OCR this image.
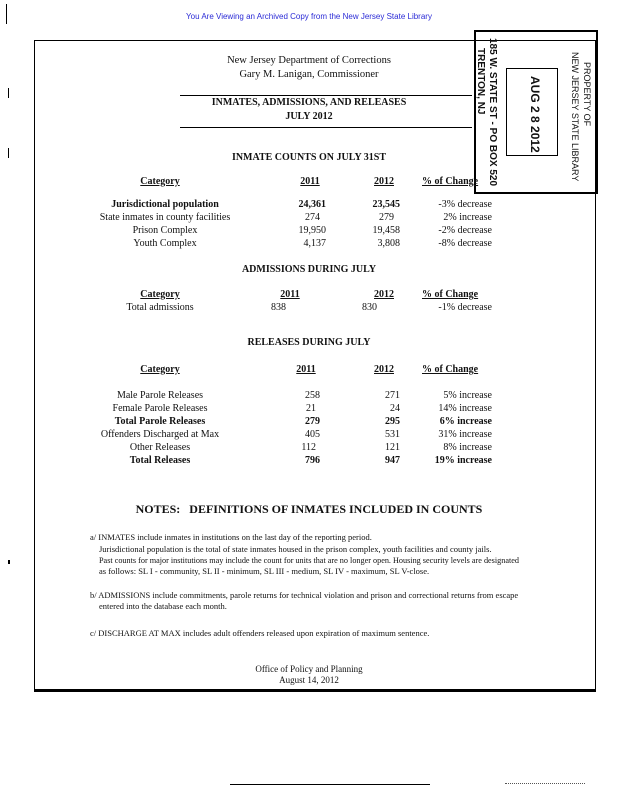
You Are Viewing an Archived Copy from the New Jersey State Library
185 W. STATE ST - PO BOX 520
TRENTON, NJ	AUG 2 8 2012	PROPERTY OF
NEW JERSEY STATE LIBRARY
New Jersey Department of Corrections
Gary M. Lanigan, Commissioner
INMATES, ADMISSIONS, AND RELEASES
JULY 2012
INMATE COUNTS ON JULY 31ST
Category	2011	2012	% of Change
Jurisdictional population	24,361	23,545	-3% decrease
State inmates in county facilities	274	279	2% increase
Prison Complex	19,950	19,458	-2% decrease
Youth Complex	4,137	3,808	-8% decrease
ADMISSIONS DURING JULY
Category	2011	2012	% of Change
Total admissions	838	830	-1% decrease
RELEASES DURING JULY
Category	2011	2012	% of Change
Male Parole Releases	258	271	5% increase
Female Parole Releases	21	24	14% increase
Total Parole Releases	279	295	6% increase
Offenders Discharged at Max	405	531	31% increase
Other Releases	112	121	8% increase
Total Releases	796	947	19% increase
NOTES:   DEFINITIONS OF INMATES INCLUDED IN COUNTS
a/ INMATES include inmates in institutions on the last day of the reporting period.
Jurisdictional population is the total of state inmates housed in the prison complex, youth facilities and county jails.
Past counts for major institutions may include the count for units that are no longer open. Housing security levels are designated
as follows: SL I - community, SL II - minimum, SL III - medium, SL IV - maximum, SL V-close.
b/ ADMISSIONS include commitments, parole returns for technical violation and prison and correctional returns from escape
entered into the database each month.
c/ DISCHARGE AT MAX includes adult offenders released upon expiration of maximum sentence.
Office of Policy and Planning
August 14, 2012
